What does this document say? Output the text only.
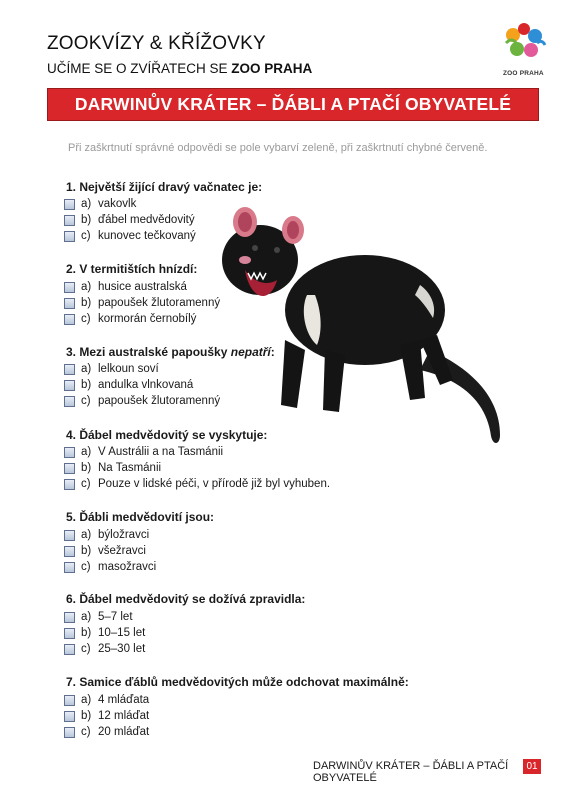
ZOOKVÍZY & KŘÍŽOVKY
UČÍME SE O ZVÍŘATECH SE ZOO PRAHA	ZOO PRAHA
DARWINŮV KRÁTER – ĎÁBLI A PTAČÍ OBYVATELÉ
Při zaškrtnutí správné odpovědi se pole vybarví zeleně, při zaškrtnutí chybné červeně.
1. Největší žijící dravý vačnatec je:
a) vakovlk
b) ďábel medvědovitý
c) kunovec tečkovaný
2. V termitištích hnízdí:
a) husice australská
b) papoušek žlutoramenný
c) kormorán černobílý
3. Mezi australské papoušky nepatří:
a) lelkoun soví
b) andulka vlnkovaná
c) papoušek žlutoramenný
4. Ďábel medvědovitý se vyskytuje:
a) V Austrálii a na Tasmánii
b) Na Tasmánii
c) Pouze v lidské péči, v přírodě již byl vyhuben.
5. Ďábli medvědovití jsou:
a) býložravci
b) všežravci
c) masožravci
6. Ďábel medvědovitý se dožívá zpravidla:
a) 5–7 let
b) 10–15 let
c) 25–30 let
7. Samice ďáblů medvědovitých může odchovat maximálně:
a) 4 mláďata
b) 12 mláďat
c) 20 mláďat
DARWINŮV KRÁTER – ĎÁBLI A PTAČÍ OBYVATELÉ
01
